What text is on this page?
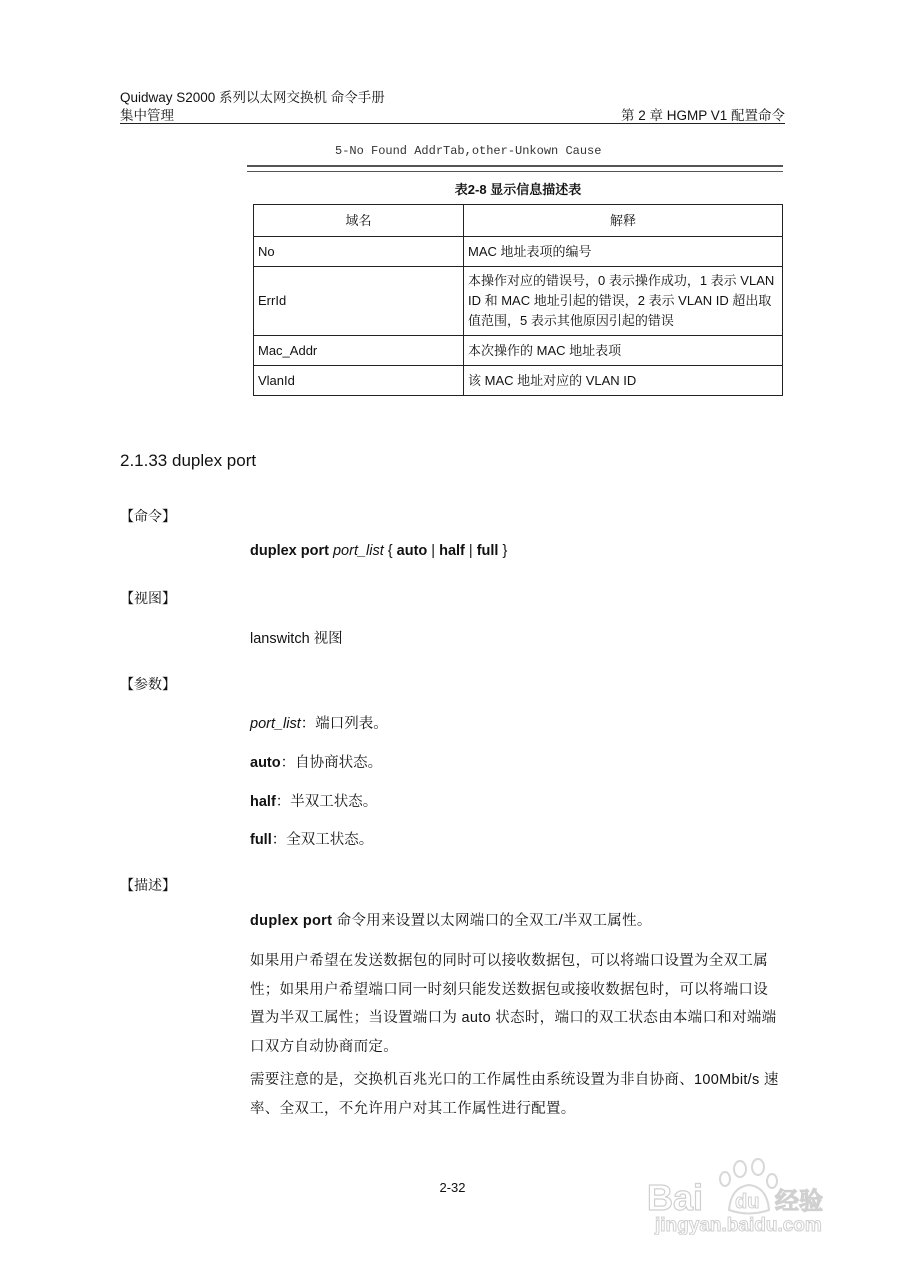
Quidway S2000 系列以太网交换机 命令手册
集中管理	第 2 章 HGMP V1 配置命令
5-No Found AddrTab,other-Unkown Cause
表2-8 显示信息描述表
域名	解释
No	MAC 地址表项的编号
ErrId	本操作对应的错误号，0 表示操作成功，1 表示 VLAN ID 和 MAC 地址引起的错误，2 表示 VLAN ID 超出取值范围，5 表示其他原因引起的错误
Mac_Addr	本次操作的 MAC 地址表项
VlanId	该 MAC 地址对应的 VLAN ID
2.1.33 duplex port
【命令】
duplex port port_list { auto | half | full }
【视图】
lanswitch 视图
【参数】
port_list：端口列表。
auto：自协商状态。
half：半双工状态。
full：全双工状态。
【描述】
duplex port 命令用来设置以太网端口的全双工/半双工属性。
如果用户希望在发送数据包的同时可以接收数据包，可以将端口设置为全双工属性；如果用户希望端口同一时刻只能发送数据包或接收数据包时，可以将端口设置为半双工属性；当设置端口为 auto 状态时，端口的双工状态由本端口和对端端口双方自动协商而定。
需要注意的是，交换机百兆光口的工作属性由系统设置为非自协商、100Mbit/s 速率、全双工，不允许用户对其工作属性进行配置。
2-32	Bai du 经验
jingyan.baidu.com
